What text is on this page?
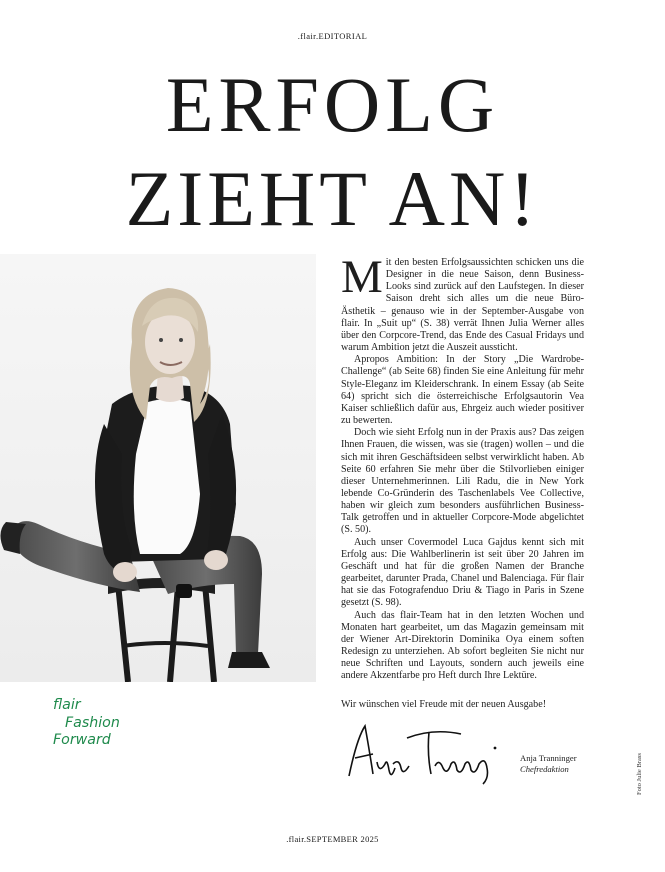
.flair.EDITORIAL
ERFOLG
ZIEHT AN!

Mit den besten Erfolgsaussichten schicken uns die Designer in die neue Saison, denn Business-Looks sind zurück auf den Laufstegen. In dieser Saison dreht sich alles um die neue Büro-Ästhetik – genauso wie in der September-Ausgabe von flair. In „Suit up“ (S. 38) verrät Ihnen Julia Werner alles über den Corpcore-Trend, das Ende des Casual Fridays und warum Ambition jetzt die Auszeit aussticht.

Apropos Ambition: In der Story „Die Wardrobe-Challenge“ (ab Seite 68) finden Sie eine Anleitung für mehr Style-Eleganz im Kleiderschrank. In einem Essay (ab Seite 64) spricht sich die österreichische Erfolgsautorin Vea Kaiser schließlich dafür aus, Ehrgeiz auch wieder positiver zu bewerten.

Doch wie sieht Erfolg nun in der Praxis aus? Das zeigen Ihnen Frauen, die wissen, was sie (tragen) wollen – und die sich mit ihren Geschäftsideen selbst verwirklicht haben. Ab Seite 60 erfahren Sie mehr über die Stilvorlieben einiger dieser Unternehmerinnen. Lili Radu, die in New York lebende Co-Gründerin des Taschenlabels Vee Collective, haben wir gleich zum besonders ausführlichen Business-Talk getroffen und in aktueller Corpcore-Mode abgelichtet (S. 50).

Auch unser Covermodel Luca Gajdus kennt sich mit Erfolg aus: Die Wahlberlinerin ist seit über 20 Jahren im Geschäft und hat für die großen Namen der Branche gearbeitet, darunter Prada, Chanel und Balenciaga. Für flair hat sie das Fotografenduo Driu & Tiago in Paris in Szene gesetzt (S. 98).

Auch das flair-Team hat in den letzten Wochen und Monaten hart gearbeitet, um das Magazin gemeinsam mit der Wiener Art-Direktorin Dominika Oya einem soften Redesign zu unterziehen. Ab sofort begleiten Sie nicht nur neue Schriften und Layouts, sondern auch jeweils eine andere Akzentfarbe pro Heft durch Ihre Lektüre.

Wir wünschen viel Freude mit der neuen Ausgabe!
Anja Tranninger
Chefredaktion
flair
Fashion
Forward
Foto Julie Brass
.flair.SEPTEMBER 2025
